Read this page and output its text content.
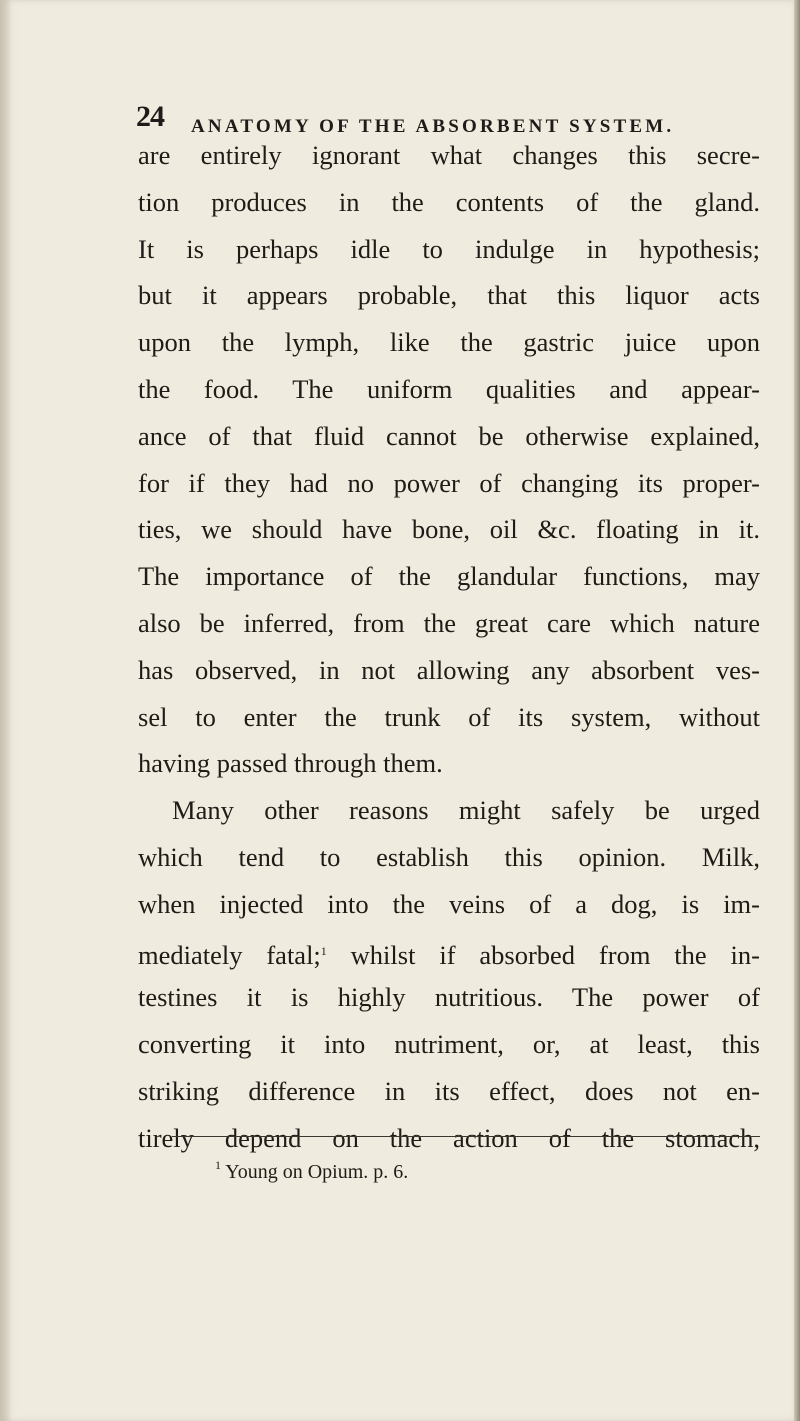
24 ANATOMY OF THE ABSORBENT SYSTEM.
are entirely ignorant what changes this secre-
tion produces in the contents of the gland.
It is perhaps idle to indulge in hypothesis;
but it appears probable, that this liquor acts
upon the lymph, like the gastric juice upon
the food. The uniform qualities and appear-
ance of that fluid cannot be otherwise explained,
for if they had no power of changing its proper-
ties, we should have bone, oil &c. floating in it.
The importance of the glandular functions, may
also be inferred, from the great care which nature
has observed, in not allowing any absorbent ves-
sel to enter the trunk of its system, without
having passed through them.
Many other reasons might safely be urged
which tend to establish this opinion. Milk,
when injected into the veins of a dog, is im-
mediately fatal;$^1$ whilst if absorbed from the in-
testines it is highly nutritious. The power of
converting it into nutriment, or, at least, this
striking difference in its effect, does not en-
tirely depend on the action of the stomach,
$^1$ Young on Opium. p. 6.
